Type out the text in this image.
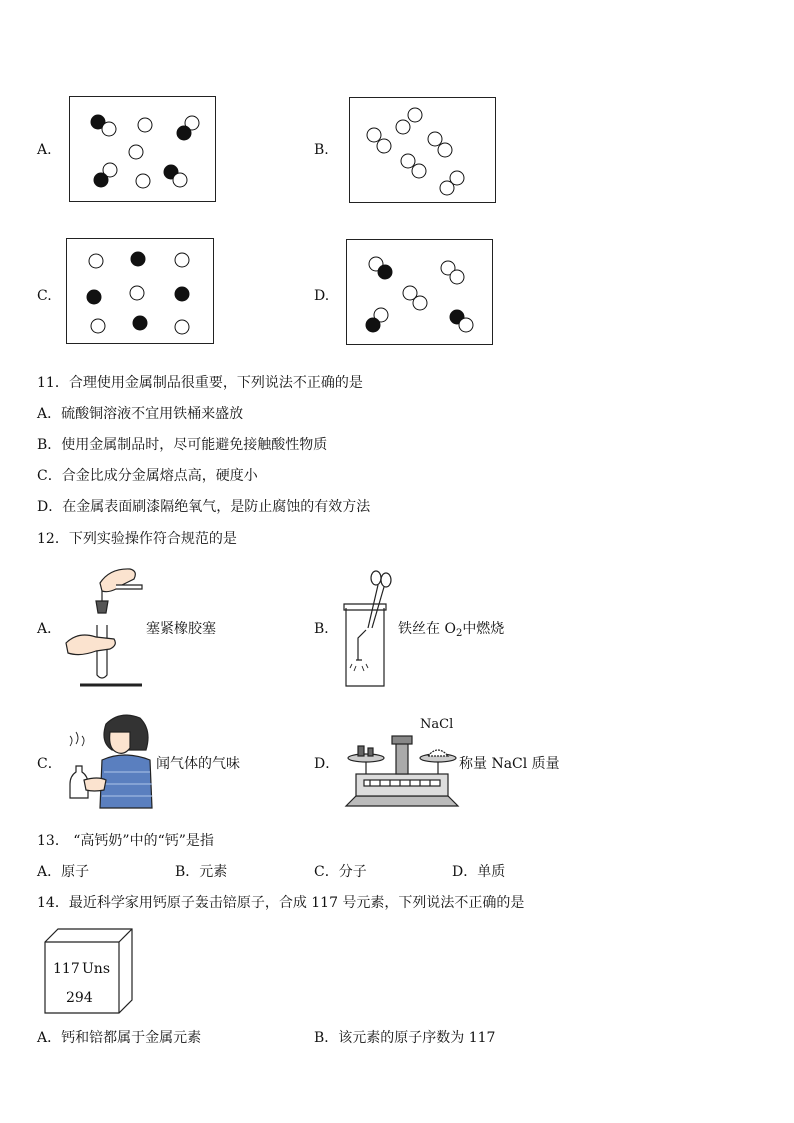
A.	B.
C.	D.
11．合理使用金属制品很重要，下列说法不正确的是
A．硫酸铜溶液不宜用铁桶来盛放
B．使用金属制品时，尽可能避免接触酸性物质
C．合金比成分金属熔点高，硬度小
D．在金属表面刷漆隔绝氧气，是防止腐蚀的有效方法
12．下列实验操作符合规范的是
A．	塞紧橡胶塞	B．	铁丝在 $O_2$中燃烧
C．	闻气体的气味	D．
NaCl
称量 NaCl 质量
13． “高钙奶”中的“钙”是指
A．原子	B．元素	C．分子	D．单质
14．最近科学家用钙原子轰击锫原子，合成 117 号元素，下列说法不正确的是
117 Uns
294
A．钙和锫都属于金属元素	B．该元素的原子序数为 117
